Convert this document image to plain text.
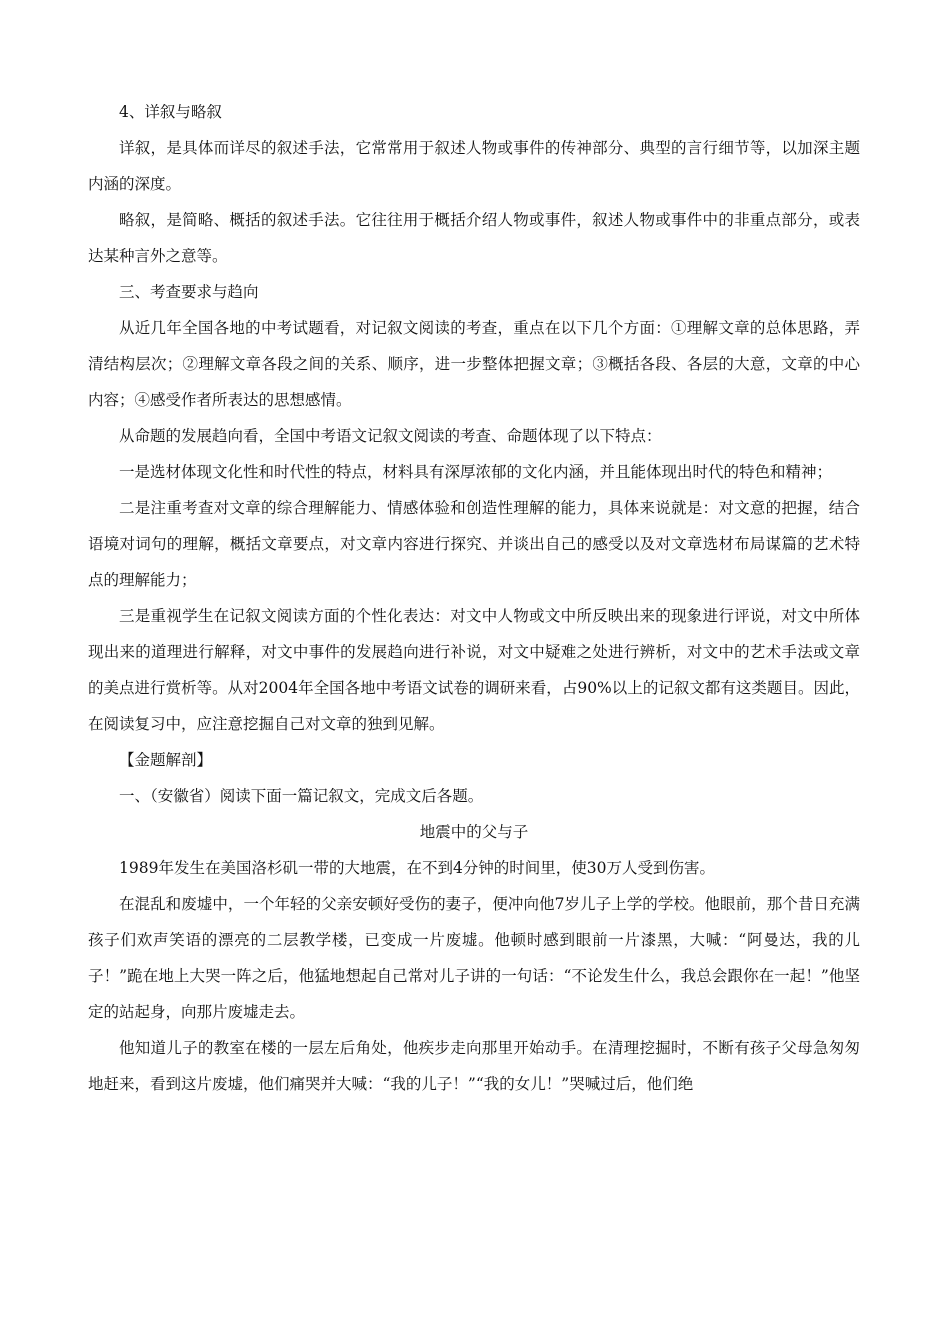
4、详叙与略叙

详叙，是具体而详尽的叙述手法，它常常用于叙述人物或事件的传神部分、典型的言行细节等，以加深主题内涵的深度。

略叙，是简略、概括的叙述手法。它往往用于概括介绍人物或事件，叙述人物或事件中的非重点部分，或表达某种言外之意等。

三、考查要求与趋向

从近几年全国各地的中考试题看，对记叙文阅读的考查，重点在以下几个方面：①理解文章的总体思路，弄清结构层次；②理解文章各段之间的关系、顺序，进一步整体把握文章；③概括各段、各层的大意，文章的中心内容；④感受作者所表达的思想感情。

从命题的发展趋向看，全国中考语文记叙文阅读的考查、命题体现了以下特点：

一是选材体现文化性和时代性的特点，材料具有深厚浓郁的文化内涵，并且能体现出时代的特色和精神；

二是注重考查对文章的综合理解能力、情感体验和创造性理解的能力，具体来说就是：对文意的把握，结合语境对词句的理解，概括文章要点，对文章内容进行探究、并谈出自己的感受以及对文章选材布局谋篇的艺术特点的理解能力；

三是重视学生在记叙文阅读方面的个性化表达：对文中人物或文中所反映出来的现象进行评说，对文中所体现出来的道理进行解释，对文中事件的发展趋向进行补说，对文中疑难之处进行辨析，对文中的艺术手法或文章的美点进行赏析等。从对2004年全国各地中考语文试卷的调研来看，占90%以上的记叙文都有这类题目。因此，在阅读复习中，应注意挖掘自己对文章的独到见解。

【金题解剖】

一、（安徽省）阅读下面一篇记叙文，完成文后各题。

地震中的父与子

1989年发生在美国洛杉矶一带的大地震，在不到4分钟的时间里，使30万人受到伤害。

在混乱和废墟中，一个年轻的父亲安顿好受伤的妻子，便冲向他7岁儿子上学的学校。他眼前，那个昔日充满孩子们欢声笑语的漂亮的二层教学楼，已变成一片废墟。他顿时感到眼前一片漆黑，大喊：“阿曼达，我的儿子！”跪在地上大哭一阵之后，他猛地想起自己常对儿子讲的一句话：“不论发生什么，我总会跟你在一起！”他坚定的站起身，向那片废墟走去。

他知道儿子的教室在楼的一层左后角处，他疾步走向那里开始动手。在清理挖掘时，不断有孩子父母急匆匆地赶来，看到这片废墟，他们痛哭并大喊：“我的儿子！”“我的女儿！”哭喊过后，他们绝
